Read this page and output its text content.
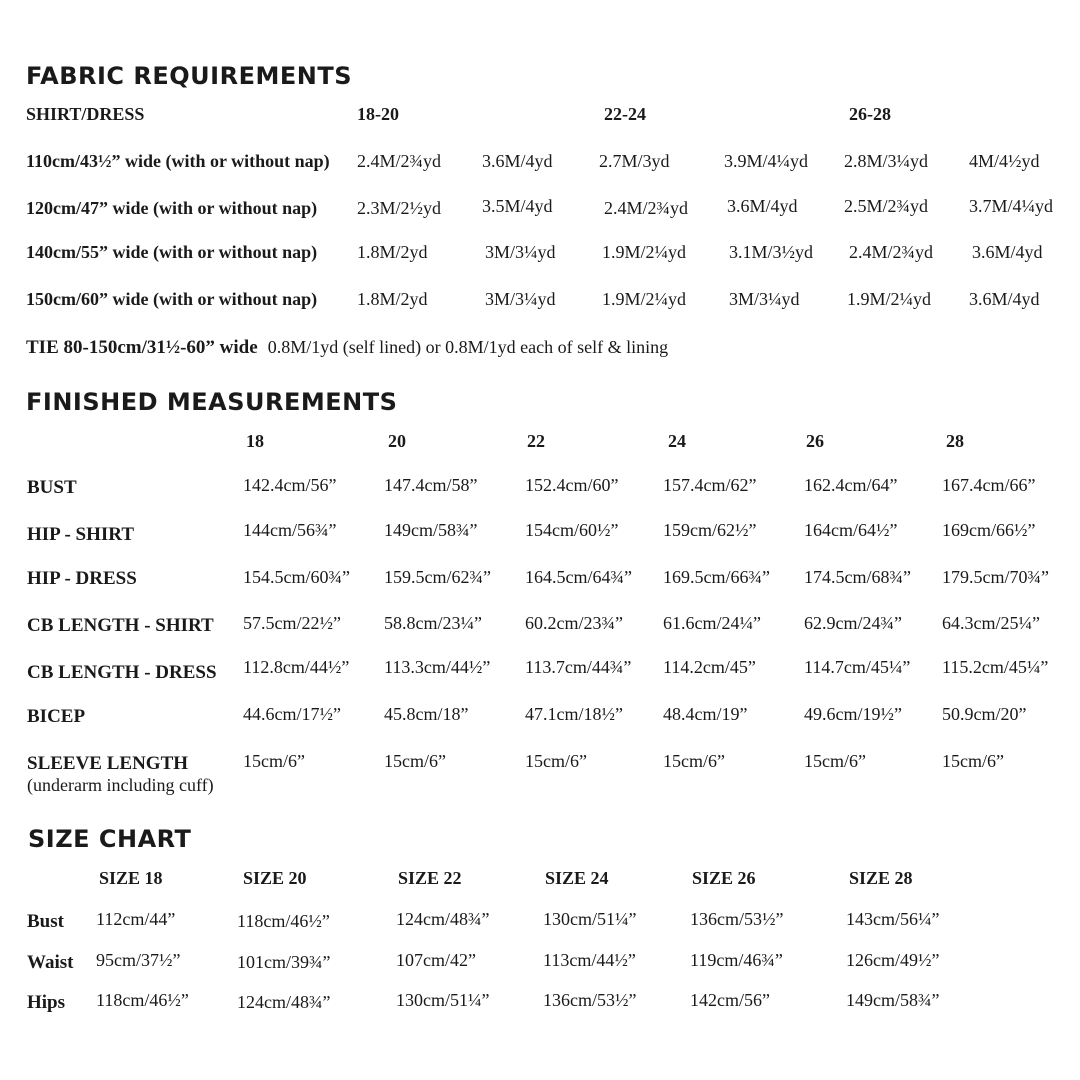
FABRIC REQUIREMENTS
SHIRT/DRESS	18-20	22-24	26-28
110cm/43½” wide (with or without nap) 2.4M/2¾yd 3.6M/4yd	2.7M/3yd	3.9M/4¼yd 2.8M/3¼yd 4M/4½yd
120cm/47” wide (with or without nap) 2.3M/2½yd 3.5M/4yd	2.4M/2¾yd 3.6M/4yd	2.5M/2¾yd 3.7M/4¼yd
140cm/55” wide (with or without nap) 1.8M/2yd	3M/3¼yd	1.9M/2¼yd 3.1M/3½yd 2.4M/2¾yd 3.6M/4yd
150cm/60” wide (with or without nap) 1.8M/2yd	3M/3¼yd	1.9M/2¼yd 3M/3¼yd	1.9M/2¼yd 3.6M/4yd
TIE 80-150cm/31½-60” wide 0.8M/1yd (self lined) or 0.8M/1yd each of self & lining
FINISHED MEASUREMENTS
18	20	22	24	26	28
BUST	142.4cm/56”	147.4cm/58”	152.4cm/60” 157.4cm/62”	162.4cm/64” 167.4cm/66”
HIP - SHIRT	144cm/56¾”	149cm/58¾”	154cm/60½” 159cm/62½”	164cm/64½” 169cm/66½”
HIP - DRESS	154.5cm/60¾” 159.5cm/62¾” 164.5cm/64¾” 169.5cm/66¾” 174.5cm/68¾” 179.5cm/70¾”
CB LENGTH - SHIRT 57.5cm/22½” 58.8cm/23¼” 60.2cm/23¾” 61.6cm/24¼” 62.9cm/24¾” 64.3cm/25¼”
CB LENGTH - DRESS 112.8cm/44½” 113.3cm/44½” 113.7cm/44¾” 114.2cm/45”	114.7cm/45¼” 115.2cm/45¼”
BICEP	44.6cm/17½” 45.8cm/18”	47.1cm/18½” 48.4cm/19”	49.6cm/19½” 50.9cm/20”
SLEEVE LENGTH
(underarm including cuff)
15cm/6”	15cm/6”	15cm/6”	15cm/6”	15cm/6”	15cm/6”
SIZE CHART
SIZE 18	SIZE 20	SIZE 22	SIZE 24	SIZE 26	SIZE 28
Bust 112cm/44”	118cm/46½”	124cm/48¾”	130cm/51¼”	136cm/53½”	143cm/56¼”
Waist 95cm/37½”	101cm/39¾”	107cm/42”	113cm/44½”	119cm/46¾”	126cm/49½”
Hips 118cm/46½”	124cm/48¾”	130cm/51¼”	136cm/53½”	142cm/56”	149cm/58¾”
